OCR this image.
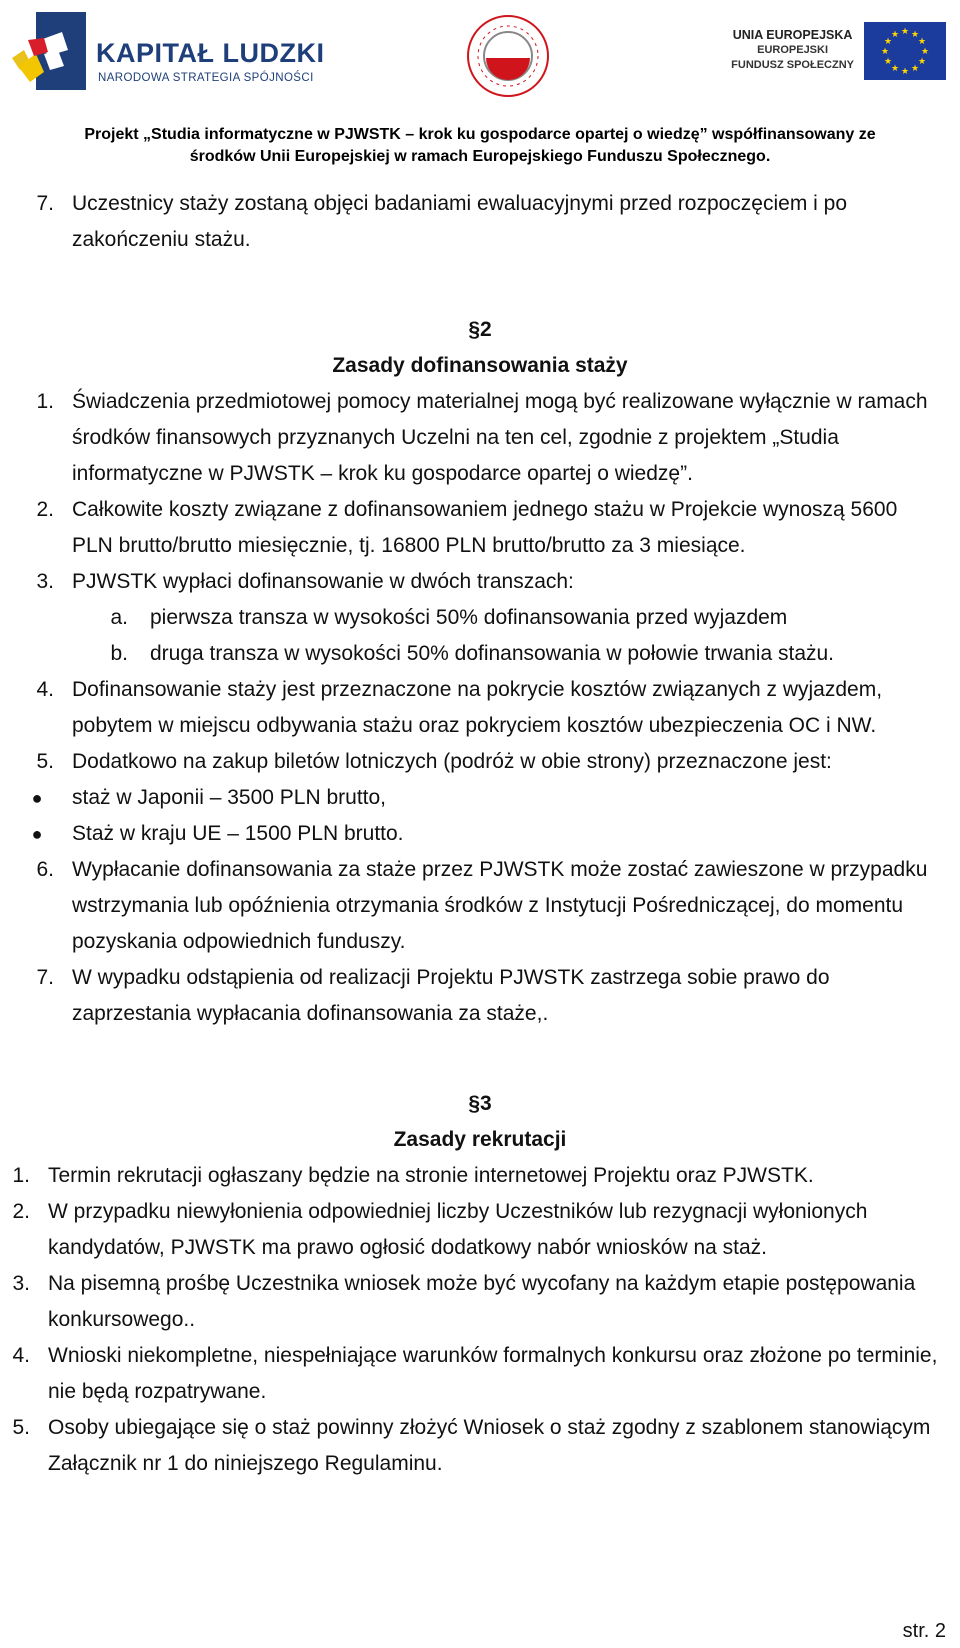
KAPITAŁ LUDZKI
NARODOWA STRATEGIA SPÓJNOŚCI
UNIA EUROPEJSKA
EUROPEJSKI
FUNDUSZ SPOŁECZNY
★ ★
★
★
★
★
★
★
★
★
★
★
Projekt „Studia informatyczne w PJWSTK – krok ku gospodarce opartej o wiedzę” współfinansowany ze
środków Unii Europejskiej w ramach Europejskiego Funduszu Społecznego.
7. Uczestnicy staży zostaną objęci badaniami ewaluacyjnymi przed rozpoczęciem i po zakończeniu stażu.
§2
Zasady dofinansowania staży
1. Świadczenia przedmiotowej pomocy materialnej mogą być realizowane wyłącznie w ramach środków finansowych przyznanych Uczelni na ten cel, zgodnie z projektem „Studia informatyczne w PJWSTK – krok ku gospodarce opartej o wiedzę”.
2. Całkowite koszty związane z dofinansowaniem jednego stażu w Projekcie wynoszą 5600 PLN brutto/brutto miesięcznie, tj. 16800 PLN brutto/brutto za 3 miesiące.
3. PJWSTK wypłaci dofinansowanie w dwóch transzach:
a. pierwsza transza w wysokości 50% dofinansowania przed wyjazdem
b. druga transza w wysokości 50% dofinansowania w połowie trwania stażu.
4. Dofinansowanie staży jest przeznaczone na pokrycie kosztów związanych z wyjazdem, pobytem w miejscu odbywania stażu oraz pokryciem kosztów ubezpieczenia OC i NW.
5. Dodatkowo na zakup biletów lotniczych (podróż w obie strony) przeznaczone jest:
●	staż w Japonii – 3500 PLN brutto,
●	Staż w kraju UE – 1500 PLN brutto.
6. Wypłacanie dofinansowania za staże przez PJWSTK może zostać zawieszone w przypadku wstrzymania lub opóźnienia otrzymania środków z Instytucji Pośredniczącej, do momentu pozyskania odpowiednich funduszy.
7. W wypadku odstąpienia od realizacji Projektu PJWSTK zastrzega sobie prawo do zaprzestania wypłacania dofinansowania za staże,.
§3
Zasady rekrutacji
1. Termin rekrutacji ogłaszany będzie na stronie internetowej Projektu oraz PJWSTK.
2. W przypadku niewyłonienia odpowiedniej liczby Uczestników lub rezygnacji wyłonionych kandydatów, PJWSTK ma prawo ogłosić dodatkowy nabór wniosków na staż.
3. Na pisemną prośbę Uczestnika wniosek może być wycofany na każdym etapie postępowania konkursowego..
4. Wnioski niekompletne, niespełniające warunków formalnych konkursu oraz złożone po terminie, nie będą rozpatrywane.
5. Osoby ubiegające się o staż powinny złożyć Wniosek o staż zgodny z szablonem stanowiącym Załącznik nr 1 do niniejszego Regulaminu.
str. 2
